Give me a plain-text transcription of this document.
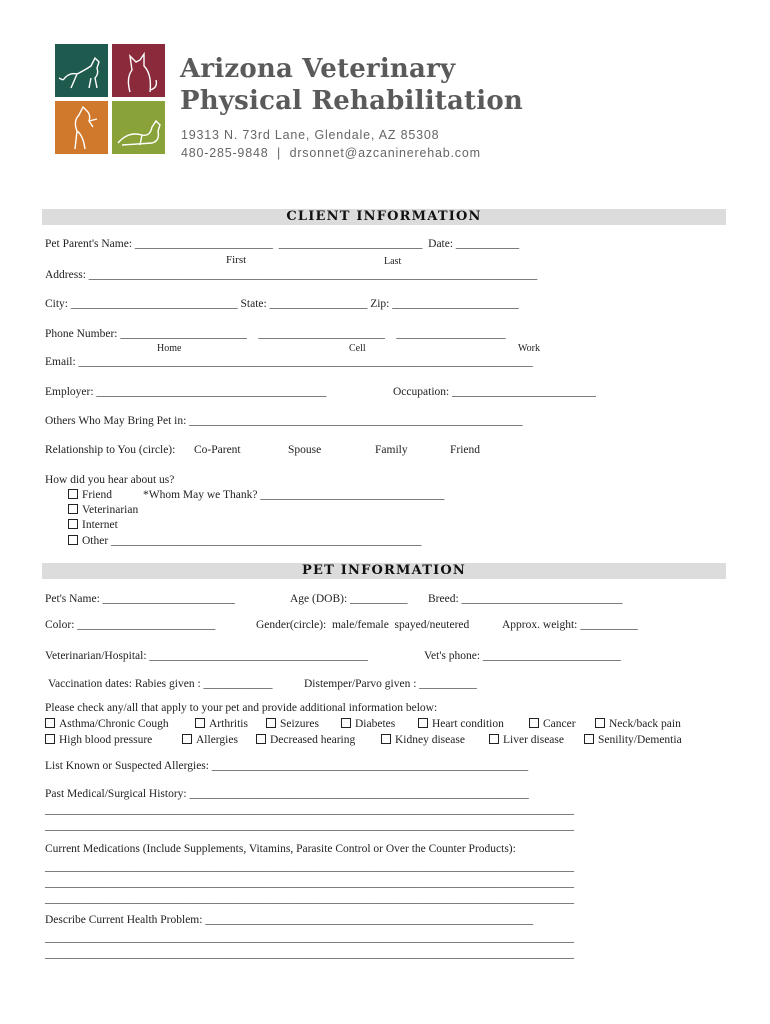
Arizona Veterinary
Physical Rehabilitation
19313 N. 73rd Lane, Glendale, AZ 85308
480-285-9848  |  drsonnet@azcaninerehab.com
CLIENT INFORMATION
Pet Parent's Name: ________________________  _________________________  Date: ___________
First	Last
Address: ______________________________________________________________________________
City: _____________________________ State: _________________ Zip: ______________________
Phone Number: ______________________    ______________________    ___________________
Home	Cell	Work
Email: _______________________________________________________________________________
Employer: ________________________________________	Occupation: _________________________
Others Who May Bring Pet in: __________________________________________________________
Relationship to You (circle): Co-Parent	Spouse	Family	Friend
How did you hear about us?
Friend	*Whom May we Thank? ________________________________
Veterinarian
Internet
Other ______________________________________________________
PET INFORMATION
Pet's Name: _______________________	Age (DOB): __________ Breed: ____________________________
Color: ________________________	Gender(circle):  male/female  spayed/neutered	Approx. weight: __________
Veterinarian/Hospital: ______________________________________	Vet's phone: ________________________
Vaccination dates: Rabies given : ____________	Distemper/Parvo given : __________
Please check any/all that apply to your pet and provide additional information below:
Asthma/Chronic Cough	Arthritis	Seizures	Diabetes	Heart condition	Cancer	Neck/back pain
High blood pressure	Allergies	Decreased hearing	Kidney disease	Liver disease	Senility/Dementia
List Known or Suspected Allergies: _______________________________________________________
Past Medical/Surgical History: ___________________________________________________________
____________________________________________________________________________________________
____________________________________________________________________________________________
Current Medications (Include Supplements, Vitamins, Parasite Control or Over the Counter Products):
____________________________________________________________________________________________
____________________________________________________________________________________________
____________________________________________________________________________________________
Describe Current Health Problem: _________________________________________________________
____________________________________________________________________________________________
____________________________________________________________________________________________
